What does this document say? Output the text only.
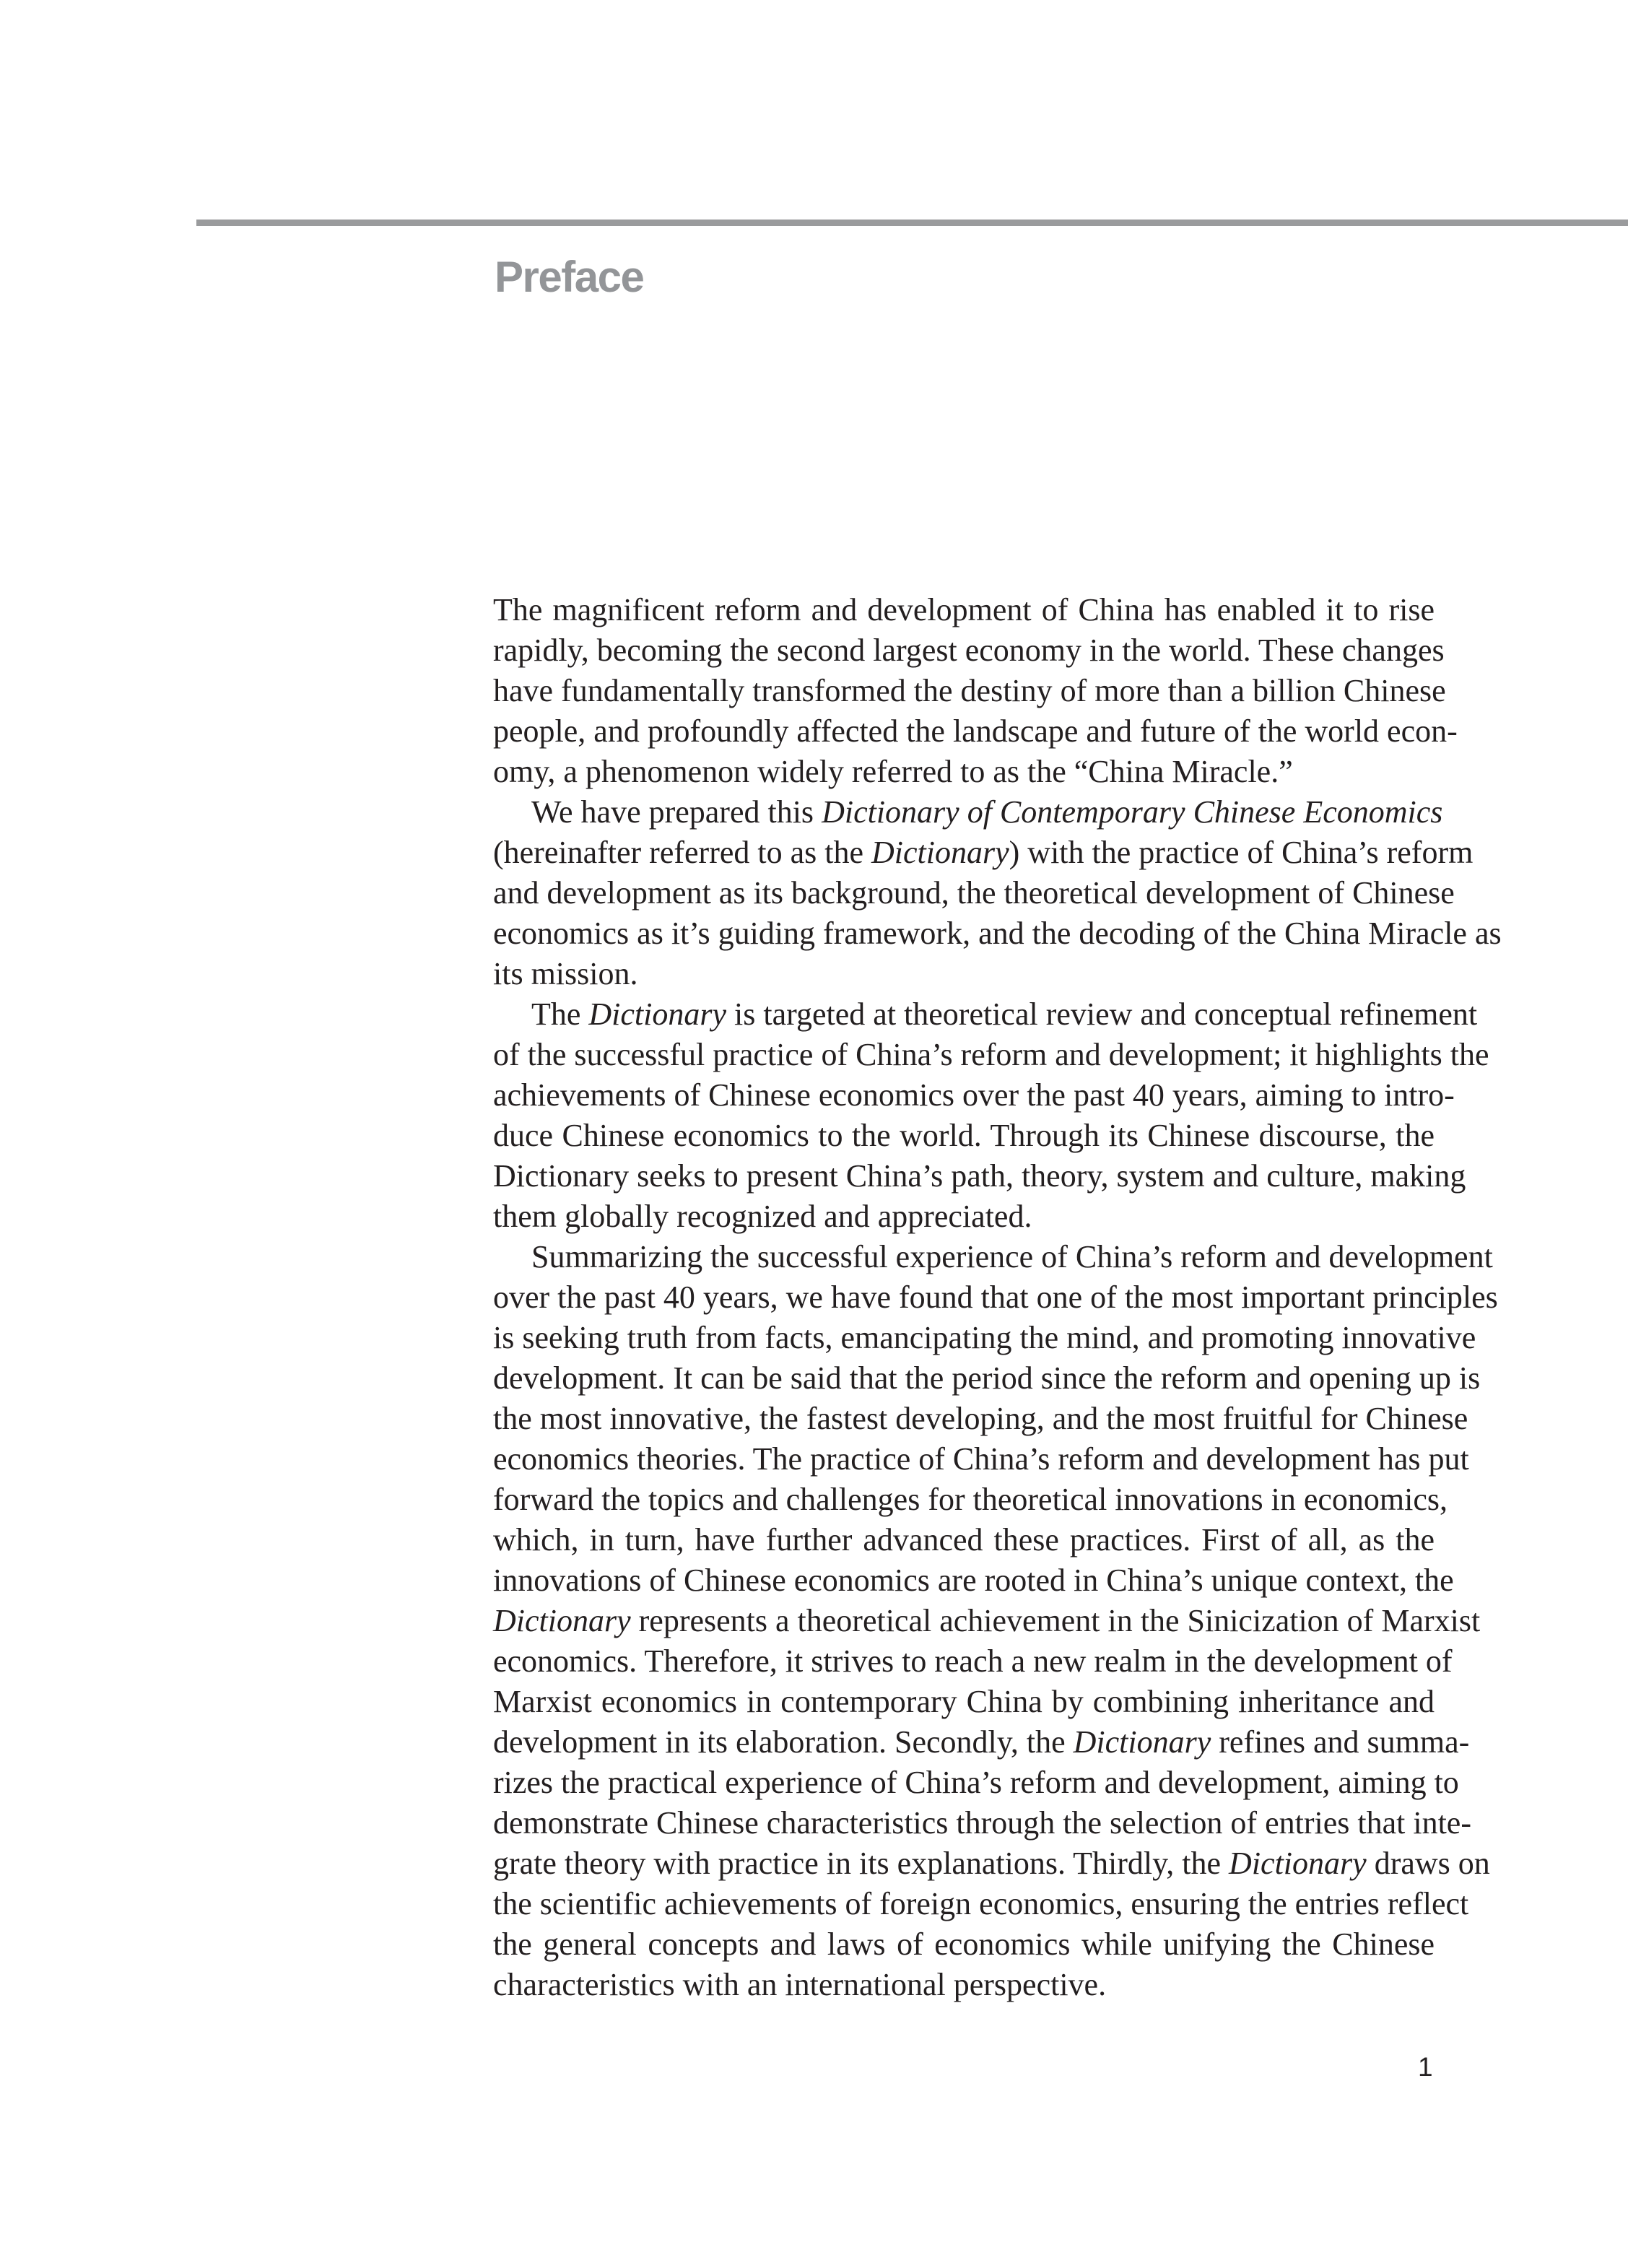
Preface
The magnificent reform and development of China has enabled it to rise
rapidly, becoming the second largest economy in the world. These changes
have fundamentally transformed the destiny of more than a billion Chinese
people, and profoundly affected the landscape and future of the world econ-
omy, a phenomenon widely referred to as the “China Miracle.”
We have prepared this Dictionary of Contemporary Chinese Economics
(hereinafter referred to as the Dictionary) with the practice of China’s reform
and development as its background, the theoretical development of Chinese
economics as it’s guiding framework, and the decoding of the China Miracle as
its mission.
The Dictionary is targeted at theoretical review and conceptual refinement
of the successful practice of China’s reform and development; it highlights the
achievements of Chinese economics over the past 40 years, aiming to intro-
duce Chinese economics to the world. Through its Chinese discourse, the
Dictionary seeks to present China’s path, theory, system and culture, making
them globally recognized and appreciated.
Summarizing the successful experience of China’s reform and development
over the past 40 years, we have found that one of the most important principles
is seeking truth from facts, emancipating the mind, and promoting innovative
development. It can be said that the period since the reform and opening up is
the most innovative, the fastest developing, and the most fruitful for Chinese
economics theories. The practice of China’s reform and development has put
forward the topics and challenges for theoretical innovations in economics,
which, in turn, have further advanced these practices. First of all, as the
innovations of Chinese economics are rooted in China’s unique context, the
Dictionary represents a theoretical achievement in the Sinicization of Marxist
economics. Therefore, it strives to reach a new realm in the development of
Marxist economics in contemporary China by combining inheritance and
development in its elaboration. Secondly, the Dictionary refines and summa-
rizes the practical experience of China’s reform and development, aiming to
demonstrate Chinese characteristics through the selection of entries that inte-
grate theory with practice in its explanations. Thirdly, the Dictionary draws on
the scientific achievements of foreign economics, ensuring the entries reflect
the general concepts and laws of economics while unifying the Chinese
characteristics with an international perspective.
1
